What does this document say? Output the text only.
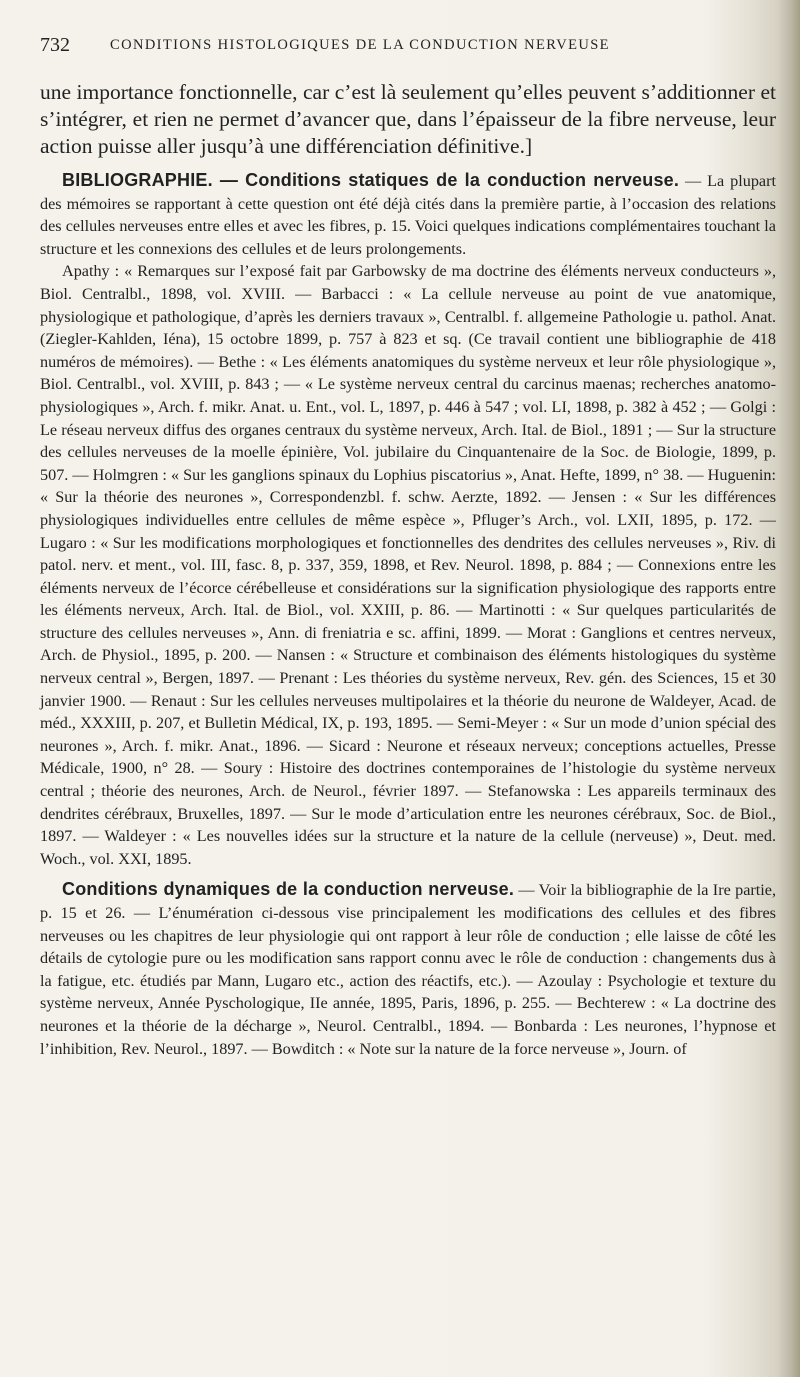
732	CONDITIONS HISTOLOGIQUES DE LA CONDUCTION NERVEUSE

une importance fonctionnelle, car c’est là seulement qu’elles peuvent s’additionner et s’intégrer, et rien ne permet d’avancer que, dans l’épaisseur de la fibre nerveuse, leur action puisse aller jusqu’à une différenciation définitive.]

BIBLIOGRAPHIE. — Conditions statiques de la conduction nerveuse. — La plupart des mémoires se rapportant à cette question ont été déjà cités dans la première partie, à l’occasion des relations des cellules nerveuses entre elles et avec les fibres, p. 15. Voici quelques indications complémentaires touchant la structure et les connexions des cellules et de leurs prolongements.

Apathy : « Remarques sur l’exposé fait par Garbowsky de ma doctrine des éléments nerveux conducteurs », Biol. Centralbl., 1898, vol. XVIII. — Barbacci : « La cellule nerveuse au point de vue anatomique, physiologique et pathologique, d’après les derniers travaux », Centralbl. f. allgemeine Pathologie u. pathol. Anat. (Ziegler-Kahlden, Iéna), 15 octobre 1899, p. 757 à 823 et sq. (Ce travail contient une bibliographie de 418 numéros de mémoires). — Bethe : « Les éléments anatomiques du système nerveux et leur rôle physiologique », Biol. Centralbl., vol. XVIII, p. 843 ; — « Le système nerveux central du carcinus maenas; recherches anatomo-physiologiques », Arch. f. mikr. Anat. u. Ent., vol. L, 1897, p. 446 à 547 ; vol. LI, 1898, p. 382 à 452 ; — Golgi : Le réseau nerveux diffus des organes centraux du système nerveux, Arch. Ital. de Biol., 1891 ; — Sur la structure des cellules nerveuses de la moelle épinière, Vol. jubilaire du Cinquantenaire de la Soc. de Biologie, 1899, p. 507. — Holmgren : « Sur les ganglions spinaux du Lophius piscatorius », Anat. Hefte, 1899, n° 38. — Huguenin: « Sur la théorie des neurones », Correspondenzbl. f. schw. Aerzte, 1892. — Jensen : « Sur les différences physiologiques individuelles entre cellules de même espèce », Pfluger’s Arch., vol. LXII, 1895, p. 172. — Lugaro : « Sur les modifications morphologiques et fonctionnelles des dendrites des cellules nerveuses », Riv. di patol. nerv. et ment., vol. III, fasc. 8, p. 337, 359, 1898, et Rev. Neurol. 1898, p. 884 ; — Connexions entre les éléments nerveux de l’écorce cérébelleuse et considérations sur la signification physiologique des rapports entre les éléments nerveux, Arch. Ital. de Biol., vol. XXIII, p. 86. — Martinotti : « Sur quelques particularités de structure des cellules nerveuses », Ann. di freniatria e sc. affini, 1899. — Morat : Ganglions et centres nerveux, Arch. de Physiol., 1895, p. 200. — Nansen : « Structure et combinaison des éléments histologiques du système nerveux central », Bergen, 1897. — Prenant : Les théories du système nerveux, Rev. gén. des Sciences, 15 et 30 janvier 1900. — Renaut : Sur les cellules nerveuses multipolaires et la théorie du neurone de Waldeyer, Acad. de méd., XXXIII, p. 207, et Bulletin Médical, IX, p. 193, 1895. — Semi-Meyer : « Sur un mode d’union spécial des neurones », Arch. f. mikr. Anat., 1896. — Sicard : Neurone et réseaux nerveux; conceptions actuelles, Presse Médicale, 1900, n° 28. — Soury : Histoire des doctrines contemporaines de l’histologie du système nerveux central ; théorie des neurones, Arch. de Neurol., février 1897. — Stefanowska : Les appareils terminaux des dendrites cérébraux, Bruxelles, 1897. — Sur le mode d’articulation entre les neurones cérébraux, Soc. de Biol., 1897. — Waldeyer : « Les nouvelles idées sur la structure et la nature de la cellule (nerveuse) », Deut. med. Woch., vol. XXI, 1895.

Conditions dynamiques de la conduction nerveuse. — Voir la bibliographie de la Ire partie, p. 15 et 26. — L’énumération ci-dessous vise principalement les modifications des cellules et des fibres nerveuses ou les chapitres de leur physiologie qui ont rapport à leur rôle de conduction ; elle laisse de côté les détails de cytologie pure ou les modification sans rapport connu avec le rôle de conduction : changements dus à la fatigue, etc. étudiés par Mann, Lugaro etc., action des réactifs, etc.). — Azoulay : Psychologie et texture du système nerveux, Année Pyschologique, IIe année, 1895, Paris, 1896, p. 255. — Bechterew : « La doctrine des neurones et la théorie de la décharge », Neurol. Centralbl., 1894. — Bonbarda : Les neurones, l’hypnose et l’inhibition, Rev. Neurol., 1897. — Bowditch : « Note sur la nature de la force nerveuse », Journ. of
